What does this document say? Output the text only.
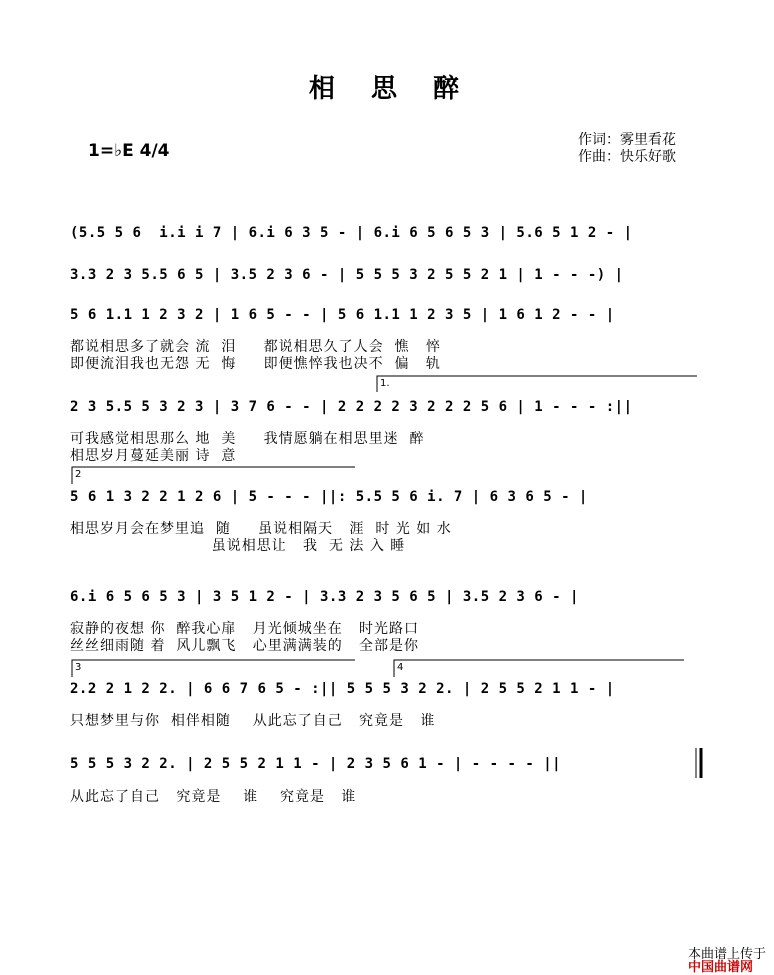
相  思  醉
1=♭E 4/4
作词：雾里看花
作曲：快乐好歌
(5.5 5 6  i.i i 7 | 6.i 6 3 5 - | 6.i 6 5 6 5 3 | 5.6 5 1 2 - |
3.3 2 3 5.5 6 5 | 3.5 2 3 6 - | 5 5 5 3 2 5 5 2 1 | 1 - - -) |
5 6 1.1 1 2 3 2 | 1 6 5 - - | 5 6 1.1 1 2 3 5 | 1 6 1 2 - - |
都说相思多了就会 流  泪     都说相思久了人会  憔   悴
即便流泪我也无怨 无  悔     即便憔悴我也决不  偏   轨
2 3 5.5 5 3 2 3 | 3 7 6 - - | 2 2 2 2 3 2 2 2 5 6 | 1 - - - :||
可我感觉相思那么 地  美     我情愿躺在相思里迷  醉
相思岁月蔓延美丽 诗  意
5 6 1 3 2 2 1 2 6 | 5 - - - ||: 5.5 5 6 i. 7 | 6 3 6 5 - |
相思岁月会在梦里追  随     虽说相隔天   涯  时 光 如 水
虽说相思让   我  无 法 入 睡
6.i 6 5 6 5 3 | 3 5 1 2 - | 3.3 2 3 5 6 5 | 3.5 2 3 6 - |
寂静的夜想 你  醉我心扉   月光倾城坐在   时光路口
丝丝细雨随 着  风儿飘飞   心里满满装的   全部是你
2.2 2 1 2 2. | 6 6 7 6 5 - :|| 5 5 5 3 2 2. | 2 5 5 2 1 1 - |
只想梦里与你  相伴相随    从此忘了自己   究竟是   谁
5 5 5 3 2 2. | 2 5 5 2 1 1 - | 2 3 5 6 1 - | - - - - ||
从此忘了自己   究竟是    谁    究竟是   谁

本曲谱上传于
中国曲谱网

1.
2
3	4
